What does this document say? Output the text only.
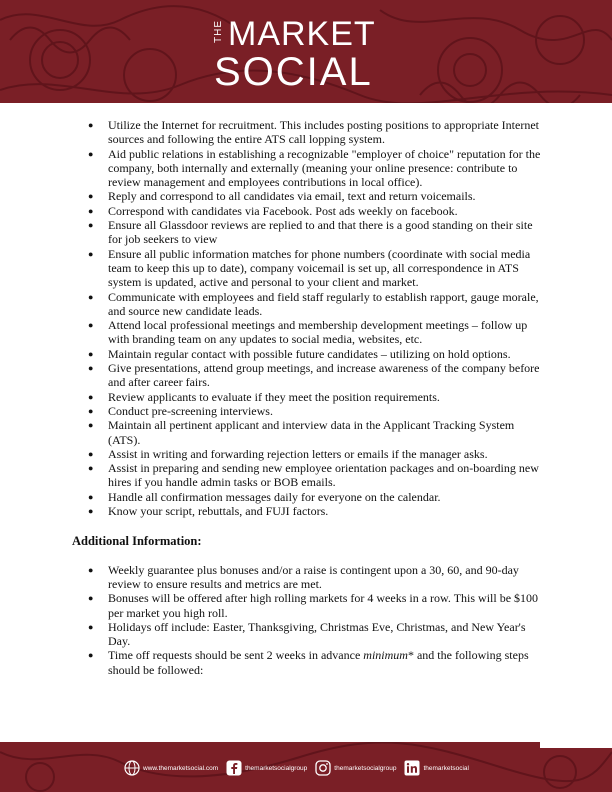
THE MARKET
SOCIAL
● Utilize the Internet for recruitment. This includes posting positions to appropriate Internet sources and following the entire ATS call lopping system.
● Aid public relations in establishing a recognizable "employer of choice" reputation for the company, both internally and externally (meaning your online presence: contribute to review management and employees contributions in local office).
● Reply and correspond to all candidates via email, text and return voicemails.
● Correspond with candidates via Facebook. Post ads weekly on facebook.
● Ensure all Glassdoor reviews are replied to and that there is a good standing on their site for job seekers to view
● Ensure all public information matches for phone numbers (coordinate with social media team to keep this up to date), company voicemail is set up, all correspondence in ATS system is updated, active and personal to your client and market.
● Communicate with employees and field staff regularly to establish rapport, gauge morale, and source new candidate leads.
● Attend local professional meetings and membership development meetings – follow up with branding team on any updates to social media, websites, etc.
● Maintain regular contact with possible future candidates – utilizing on hold options.
● Give presentations, attend group meetings, and increase awareness of the company before and after career fairs.
● Review applicants to evaluate if they meet the position requirements.
● Conduct pre-screening interviews.
● Maintain all pertinent applicant and interview data in the Applicant Tracking System (ATS).
● Assist in writing and forwarding rejection letters or emails if the manager asks.
● Assist in preparing and sending new employee orientation packages and on-boarding new hires if you handle admin tasks or BOB emails.
● Handle all confirmation messages daily for everyone on the calendar.
● Know your script, rebuttals, and FUJI factors.
Additional Information:
● Weekly guarantee plus bonuses and/or a raise is contingent upon a 30, 60, and 90-day review to ensure results and metrics are met.
● Bonuses will be offered after high rolling markets for 4 weeks in a row. This will be $100 per market you high roll.
● Holidays off include: Easter, Thanksgiving, Christmas Eve, Christmas, and New Year's Day.
● Time off requests should be sent 2 weeks in advance minimum* and the following steps should be followed:
www.themarketsocial.com	themarketsocialgroup	themarketsocialgroup	themarketsocial
